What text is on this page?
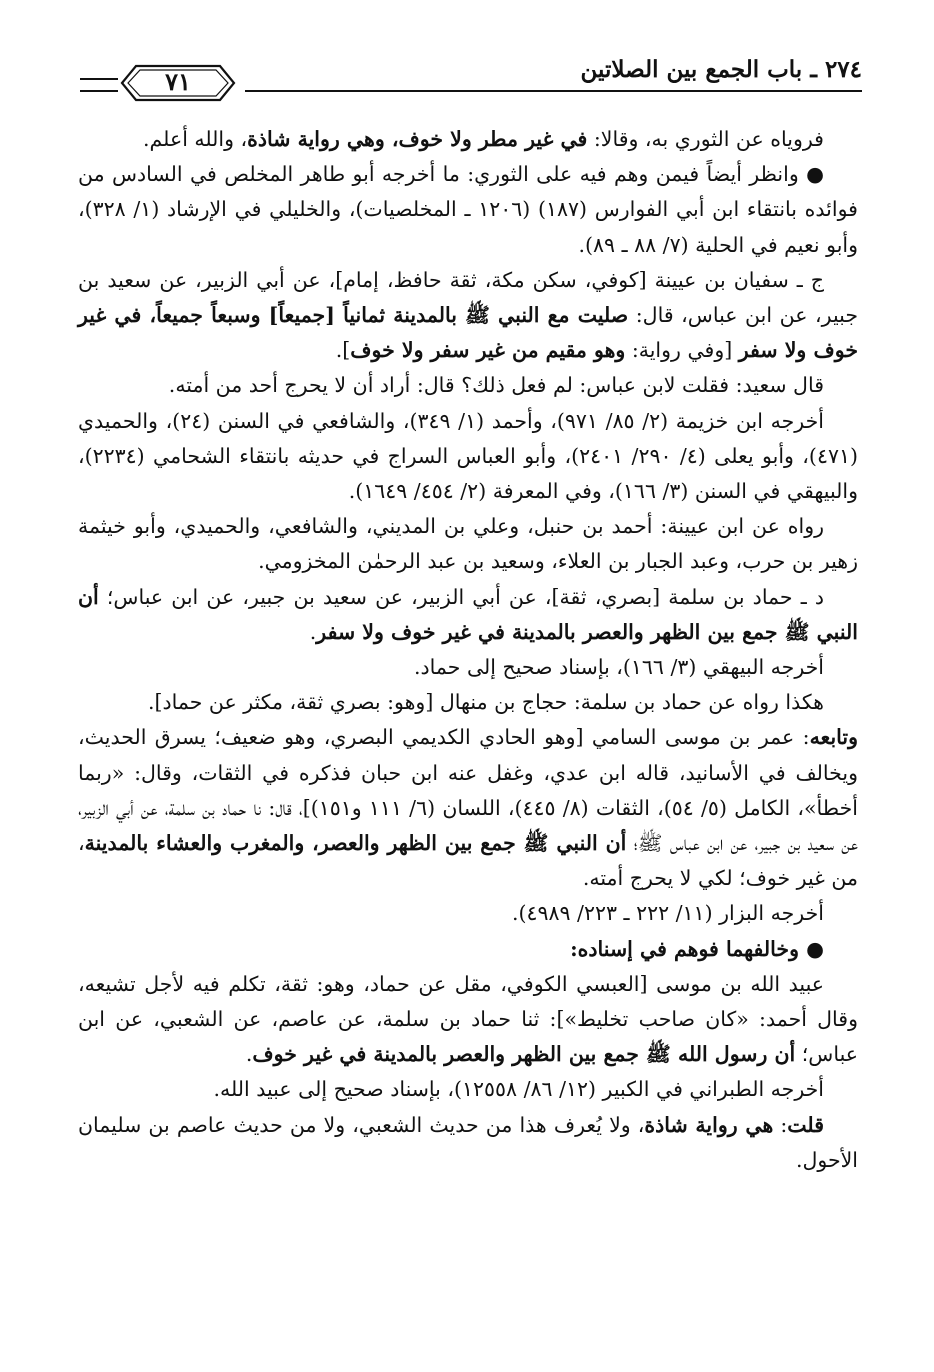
٢٧٤ ـ باب الجمع بين الصلاتين
٧١

فروياه عن الثوري به، وقالا: في غير مطر ولا خوف، وهي رواية شاذة، والله أعلم.

● وانظر أيضاً فيمن وهم فيه على الثوري: ما أخرجه أبو طاهر المخلص في السادس من فوائده بانتقاء ابن أبي الفوارس (١٨٧) (١٢٠٦ ـ المخلصيات)، والخليلي في الإرشاد (١/ ٣٢٨)، وأبو نعيم في الحلية (٧/ ٨٨ ـ ٨٩).

ج ـ سفيان بن عيينة [كوفي، سكن مكة، ثقة حافظ، إمام]، عن أبي الزبير، عن سعيد بن جبير، عن ابن عباس، قال: صليت مع النبي ﷺ بالمدينة ثمانياً [جميعاً] وسبعاً جميعاً، في غير خوف ولا سفر [وفي رواية: وهو مقيم من غير سفر ولا خوف].

قال سعيد: فقلت لابن عباس: لم فعل ذلك؟ قال: أراد أن لا يحرج أحد من أمته.

أخرجه ابن خزيمة (٢/ ٨٥/ ٩٧١)، وأحمد (١/ ٣٤٩)، والشافعي في السنن (٢٤)، والحميدي (٤٧١)، وأبو يعلى (٤/ ٢٩٠/ ٢٤٠١)، وأبو العباس السراج في حديثه بانتقاء الشحامي (٢٢٣٤)، والبيهقي في السنن (٣/ ١٦٦)، وفي المعرفة (٢/ ٤٥٤/ ١٦٤٩).

رواه عن ابن عيينة: أحمد بن حنبل، وعلي بن المديني، والشافعي، والحميدي، وأبو خيثمة زهير بن حرب، وعبد الجبار بن العلاء، وسعيد بن عبد الرحمٰن المخزومي.

د ـ حماد بن سلمة [بصري، ثقة]، عن أبي الزبير، عن سعيد بن جبير، عن ابن عباس؛ أن النبي ﷺ جمع بين الظهر والعصر بالمدينة في غير خوف ولا سفر.

أخرجه البيهقي (٣/ ١٦٦)، بإسناد صحيح إلى حماد.

هكذا رواه عن حماد بن سلمة: حجاج بن منهال [وهو: بصري ثقة، مكثر عن حماد].

وتابعه: عمر بن موسى السامي [وهو الحادي الكديمي البصري، وهو ضعيف؛ يسرق الحديث، ويخالف في الأسانيد، قاله ابن عدي، وغفل عنه ابن حبان فذكره في الثقات، وقال: «ربما أخطأ»، الكامل (٥/ ٥٤)، الثقات (٨/ ٤٤٥)، اللسان (٦/ ١١١ و١٥١)]، قال: نا حماد بن سلمة، عن أبي الزبير، عن سعيد بن جبير، عن ابن عباس ﷺ؛ أن النبي ﷺ جمع بين الظهر والعصر، والمغرب والعشاء بالمدينة، من غير خوف؛ لكي لا يحرج أمته.

أخرجه البزار (١١/ ٢٢٢ ـ ٢٢٣/ ٤٩٨٩).

● وخالفهما فوهم في إسناده:

عبيد الله بن موسى [العبسي الكوفي، مقل عن حماد، وهو: ثقة، تكلم فيه لأجل تشيعه، وقال أحمد: «كان صاحب تخليط»]: ثنا حماد بن سلمة، عن عاصم، عن الشعبي، عن ابن عباس؛ أن رسول الله ﷺ جمع بين الظهر والعصر بالمدينة في غير خوف.

أخرجه الطبراني في الكبير (١٢/ ٨٦/ ١٢٥٥٨)، بإسناد صحيح إلى عبيد الله.

قلت: هي رواية شاذة، ولا يُعرف هذا من حديث الشعبي، ولا من حديث عاصم بن سليمان الأحول.
